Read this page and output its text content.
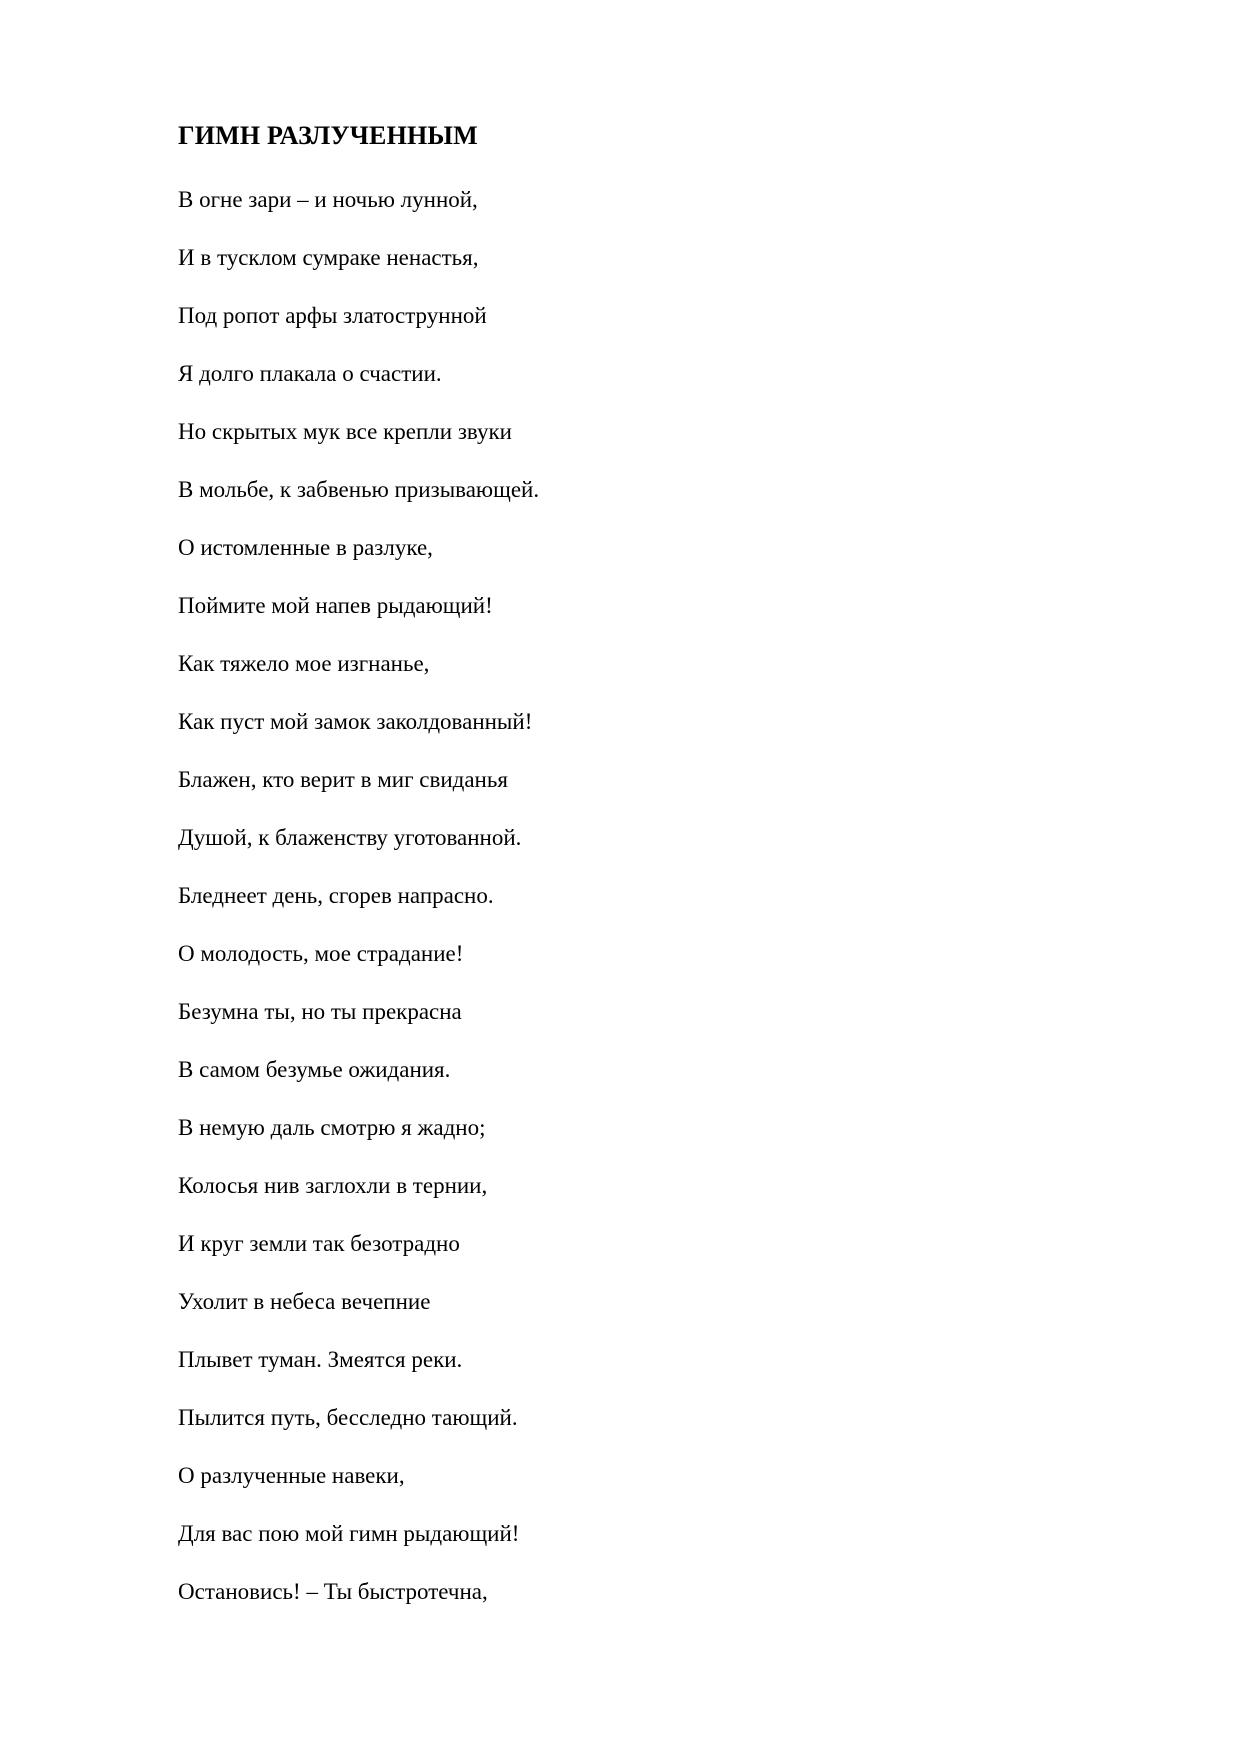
ГИМН РАЗЛУЧЕННЫМ
В огне зари – и ночью лунной,
И в тусклом сумраке ненастья,
Под ропот арфы златострунной
Я долго плакала о счастии.
Но скрытых мук все крепли звуки
В мольбе, к забвенью призывающей.
О истомленные в разлуке,
Поймите мой напев рыдающий!
Как тяжело мое изгнанье,
Как пуст мой замок заколдованный!
Блажен, кто верит в миг свиданья
Душой, к блаженству уготованной.
Бледнеет день, сгорев напрасно.
О молодость, мое страдание!
Безумна ты, но ты прекрасна
В самом безумье ожидания.
В немую даль смотрю я жадно;
Колосья нив заглохли в тернии,
И круг земли так безотрадно
Ухолит в небеса вечепние
Плывет туман. Змеятся реки.
Пылится путь, бесследно тающий.
О разлученные навеки,
Для вас пою мой гимн рыдающий!
Остановись! – Ты быстротечна,
